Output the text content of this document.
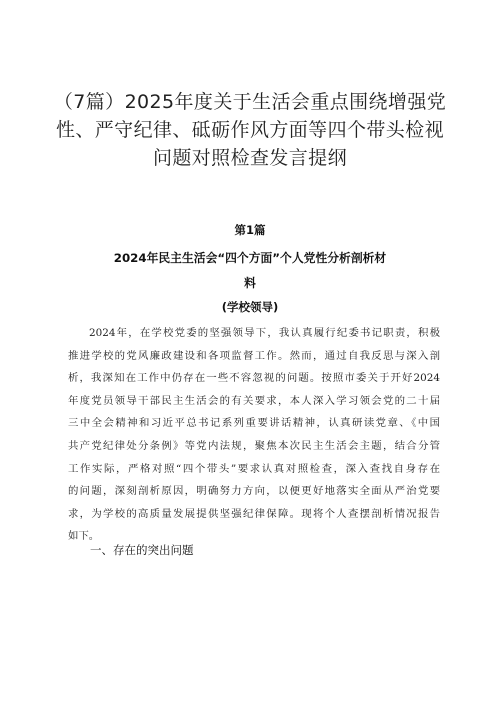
（7篇）2025年度关于生活会重点围绕增强党
性、严守纪律、砥砺作风方面等四个带头检视
问题对照检查发言提纲
第1篇
2024年民主生活会“四个方面”个人党性分析剖析材
料
(学校领导)
2024年，在学校党委的坚强领导下，我认真履行纪委书记职责，积极
推进学校的党风廉政建设和各项监督工作。然而，通过自我反思与深入剖
析，我深知在工作中仍存在一些不容忽视的问题。按照市委关于开好2024
年度党员领导干部民主生活会的有关要求，本人深入学习领会党的二十届
三中全会精神和习近平总书记系列重要讲话精神，认真研读党章、《中国
共产党纪律处分条例》等党内法规，聚焦本次民主生活会主题，结合分管
工作实际，严格对照“四个带头”要求认真对照检查，深入查找自身存在
的问题，深刻剖析原因，明确努力方向，以便更好地落实全面从严治党要
求，为学校的高质量发展提供坚强纪律保障。现将个人查摆剖析情况报告
如下。
一、存在的突出问题
